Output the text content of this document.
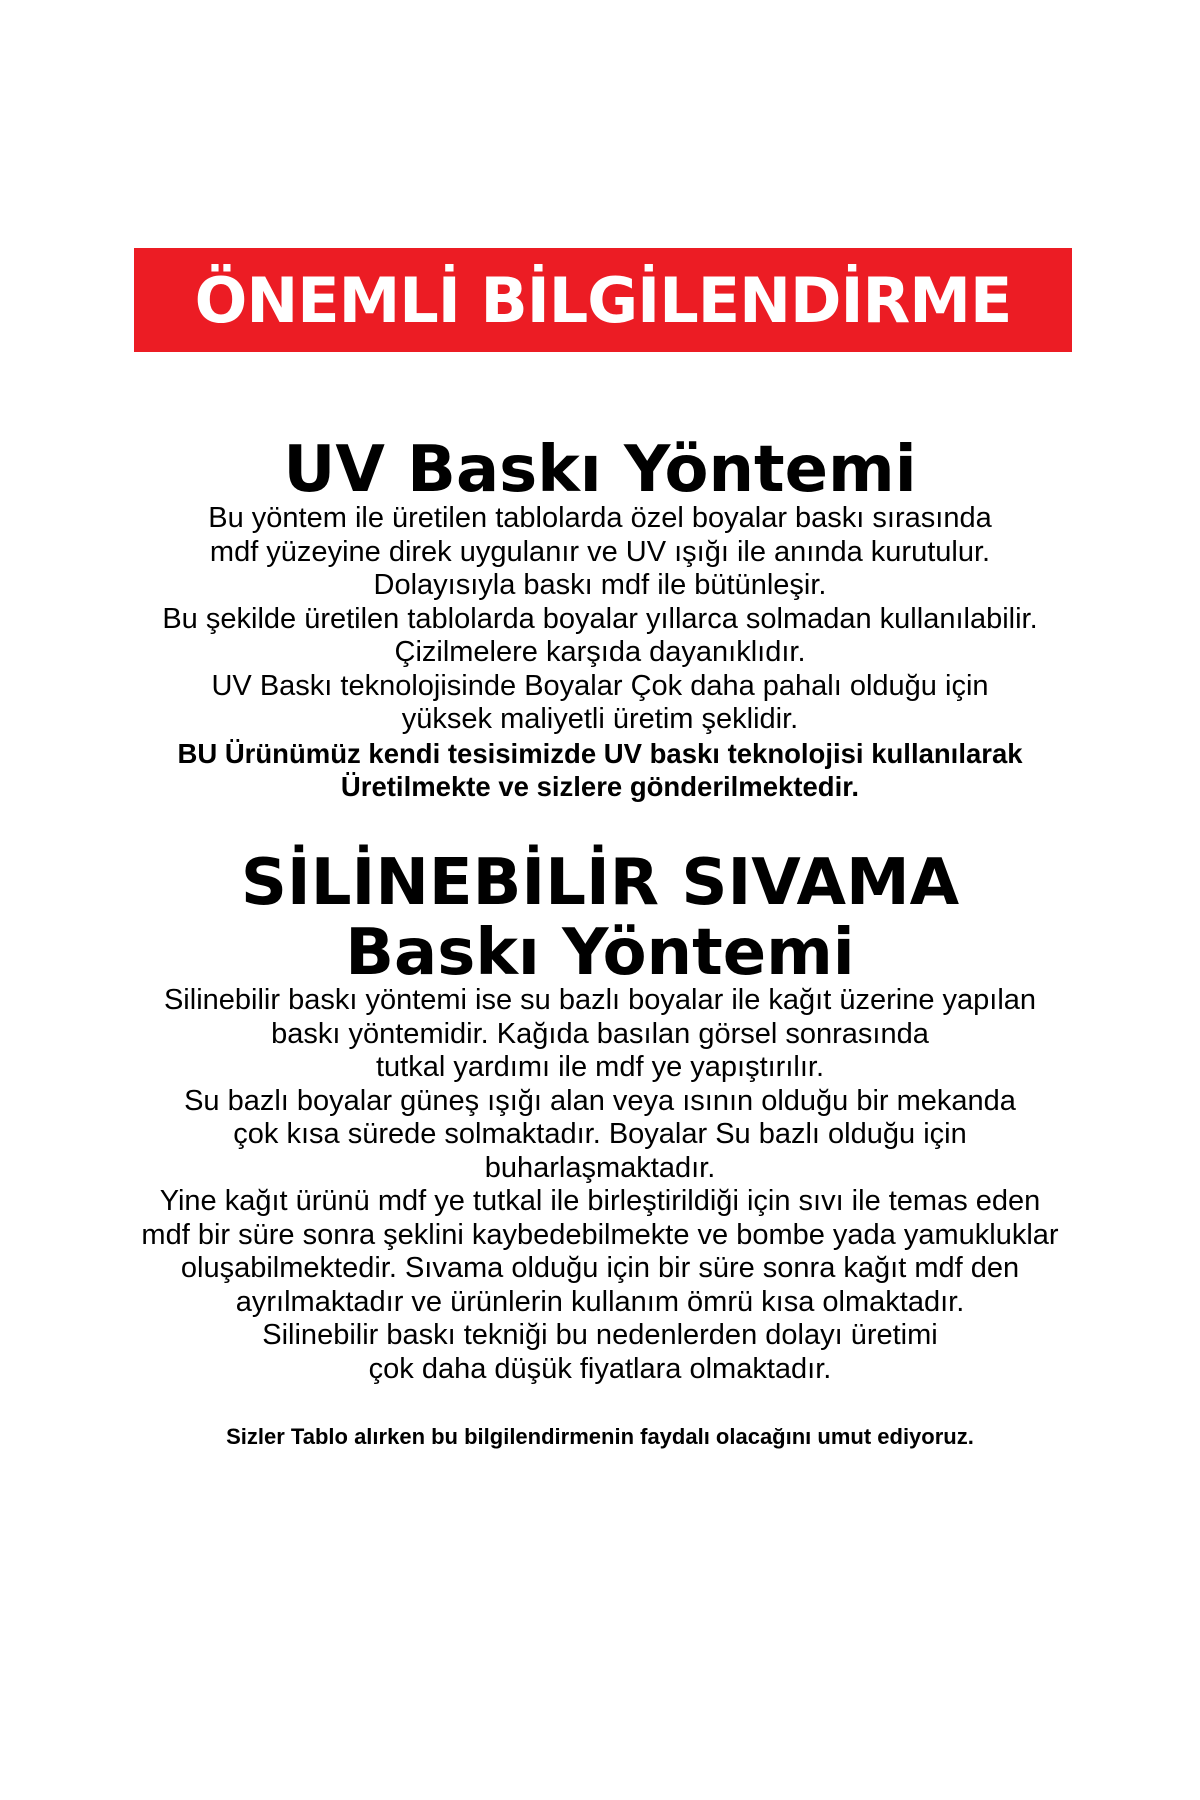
ÖNEMLİ BİLGİLENDİRME
UV Baskı Yöntemi

Bu yöntem ile üretilen tablolarda özel boyalar baskı sırasında
mdf yüzeyine direk uygulanır ve UV ışığı ile anında kurutulur.
Dolayısıyla baskı mdf ile bütünleşir.
Bu şekilde üretilen tablolarda boyalar yıllarca solmadan kullanılabilir.
Çizilmelere karşıda dayanıklıdır.
UV Baskı teknolojisinde Boyalar Çok daha pahalı olduğu için
yüksek maliyetli üretim şeklidir.
BU Ürünümüz kendi tesisimizde UV baskı teknolojisi kullanılarak
Üretilmekte ve sizlere gönderilmektedir.

SİLİNEBİLİR SIVAMA
Baskı Yöntemi

Silinebilir baskı yöntemi ise su bazlı boyalar ile kağıt üzerine yapılan
baskı yöntemidir. Kağıda basılan görsel sonrasında
tutkal yardımı ile mdf ye yapıştırılır.
Su bazlı boyalar güneş ışığı alan veya ısının olduğu bir mekanda
çok kısa sürede solmaktadır. Boyalar Su bazlı olduğu için
buharlaşmaktadır.
Yine kağıt ürünü mdf ye tutkal ile birleştirildiği için sıvı ile temas eden
mdf bir süre sonra şeklini kaybedebilmekte ve bombe yada yamukluklar
oluşabilmektedir. Sıvama olduğu için bir süre sonra kağıt mdf den
ayrılmaktadır ve ürünlerin kullanım ömrü kısa olmaktadır.
Silinebilir baskı tekniği bu nedenlerden dolayı üretimi
çok daha düşük fiyatlara olmaktadır.

Sizler Tablo alırken bu bilgilendirmenin faydalı olacağını umut ediyoruz.
